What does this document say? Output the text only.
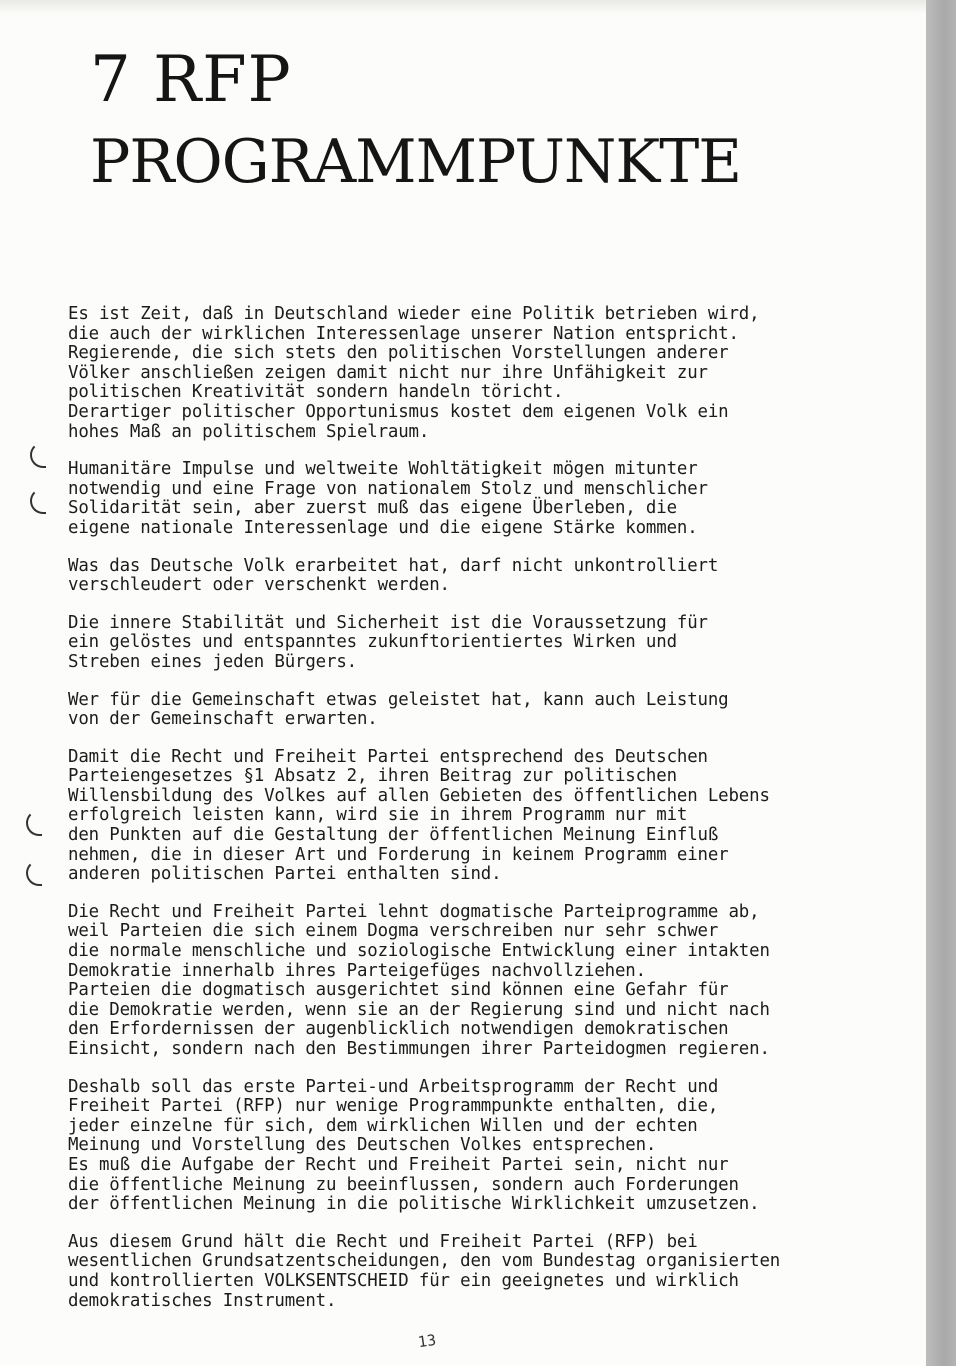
7 RFP
PROGRAMMPUNKTE
Es ist Zeit, daß in Deutschland wieder eine Politik betrieben wird,
die auch der wirklichen Interessenlage unserer Nation entspricht.
Regierende, die sich stets den politischen Vorstellungen anderer
Völker anschließen zeigen damit nicht nur ihre Unfähigkeit zur
politischen Kreativität sondern handeln töricht.
Derartiger politischer Opportunismus kostet dem eigenen Volk ein
hohes Maß an politischem Spielraum.
Humanitäre Impulse und weltweite Wohltätigkeit mögen mitunter
notwendig und eine Frage von nationalem Stolz und menschlicher
Solidarität sein, aber zuerst muß das eigene Überleben, die
eigene nationale Interessenlage und die eigene Stärke kommen.
Was das Deutsche Volk erarbeitet hat, darf nicht unkontrolliert
verschleudert oder verschenkt werden.
Die innere Stabilität und Sicherheit ist die Voraussetzung für
ein gelöstes und entspanntes zukunftorientiertes Wirken und
Streben eines jeden Bürgers.
Wer für die Gemeinschaft etwas geleistet hat, kann auch Leistung
von der Gemeinschaft erwarten.
Damit die Recht und Freiheit Partei entsprechend des Deutschen
Parteiengesetzes §1 Absatz 2, ihren Beitrag zur politischen
Willensbildung des Volkes auf allen Gebieten des öffentlichen Lebens
erfolgreich leisten kann, wird sie in ihrem Programm nur mit
den Punkten auf die Gestaltung der öffentlichen Meinung Einfluß
nehmen, die in dieser Art und Forderung in keinem Programm einer
anderen politischen Partei enthalten sind.
Die Recht und Freiheit Partei lehnt dogmatische Parteiprogramme ab,
weil Parteien die sich einem Dogma verschreiben nur sehr schwer
die normale menschliche und soziologische Entwicklung einer intakten
Demokratie innerhalb ihres Parteigefüges nachvollziehen.
Parteien die dogmatisch ausgerichtet sind können eine Gefahr für
die Demokratie werden, wenn sie an der Regierung sind und nicht nach
den Erfordernissen der augenblicklich notwendigen demokratischen
Einsicht, sondern nach den Bestimmungen ihrer Parteidogmen regieren.
Deshalb soll das erste Partei-und Arbeitsprogramm der Recht und
Freiheit Partei (RFP) nur wenige Programmpunkte enthalten, die,
jeder einzelne für sich, dem wirklichen Willen und der echten
Meinung und Vorstellung des Deutschen Volkes entsprechen.
Es muß die Aufgabe der Recht und Freiheit Partei sein, nicht nur
die öffentliche Meinung zu beeinflussen, sondern auch Forderungen
der öffentlichen Meinung in die politische Wirklichkeit umzusetzen.
Aus diesem Grund hält die Recht und Freiheit Partei (RFP) bei
wesentlichen Grundsatzentscheidungen, den vom Bundestag organisierten
und kontrollierten VOLKSENTSCHEID für ein geeignetes und wirklich
demokratisches Instrument.
13
